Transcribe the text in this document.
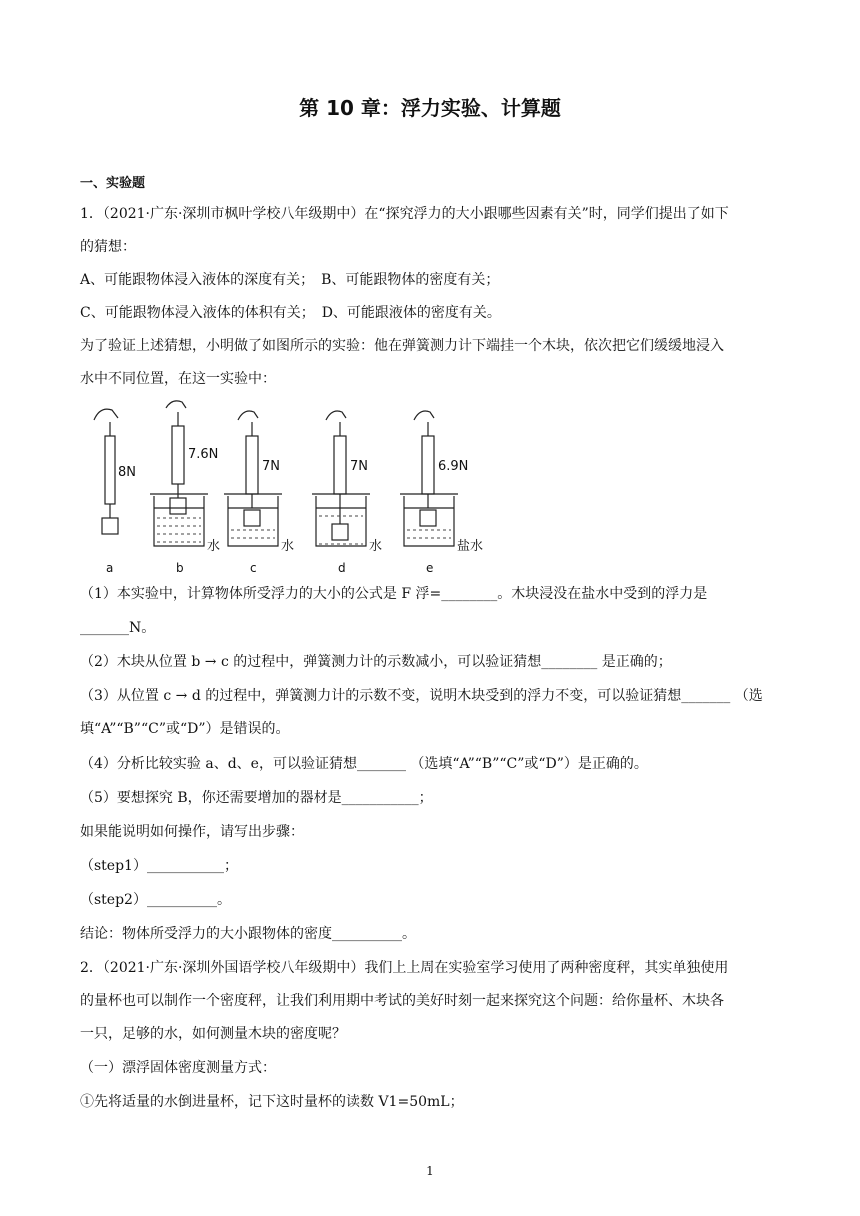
第 10 章：浮力实验、计算题
一、实验题
1．（2021·广东·深圳市枫叶学校八年级期中）在“探究浮力的大小跟哪些因素有关”时，同学们提出了如下
的猜想：
A、可能跟物体浸入液体的深度有关；　B、可能跟物体的密度有关；
C、可能跟物体浸入液体的体积有关；　D、可能跟液体的密度有关。
为了验证上述猜想，小明做了如图所示的实验：他在弹簧测力计下端挂一个木块，依次把它们缓缓地浸入
水中不同位置，在这一实验中：
8N
7.6N
7N	7N	6.9N
水	水	水	盐水
a	b	c	d	e
（1）本实验中，计算物体所受浮力的大小的公式是 F 浮=________。木块浸没在盐水中受到的浮力是
_______N。
（2）木块从位置 b → c 的过程中，弹簧测力计的示数减小，可以验证猜想________ 是正确的；
（3）从位置 c → d 的过程中，弹簧测力计的示数不变，说明木块受到的浮力不变，可以验证猜想_______ （选
填“A”“B”“C”或“D”）是错误的。
（4）分析比较实验 a、d、e，可以验证猜想_______ （选填“A”“B”“C”或“D”）是正确的。
（5）要想探究 B，你还需要增加的器材是___________；
如果能说明如何操作，请写出步骤：
（step1）___________；
（step2）__________。
结论：物体所受浮力的大小跟物体的密度__________。
2．（2021·广东·深圳外国语学校八年级期中）我们上上周在实验室学习使用了两种密度秤，其实单独使用
的量杯也可以制作一个密度秤，让我们利用期中考试的美好时刻一起来探究这个问题：给你量杯、木块各
一只，足够的水，如何测量木块的密度呢？
（一）漂浮固体密度测量方式：
①先将适量的水倒进量杯，记下这时量杯的读数 V1=50mL；
1
